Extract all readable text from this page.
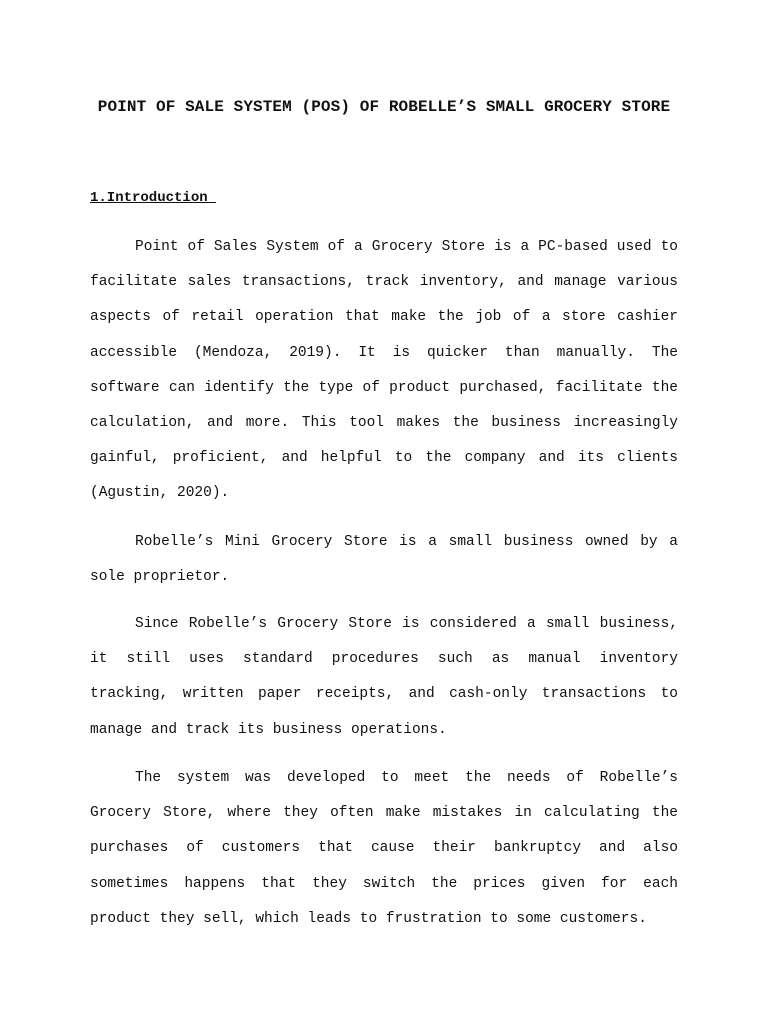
POINT OF SALE SYSTEM (POS) OF ROBELLE’S SMALL GROCERY STORE
1.Introduction

Point of Sales System of a Grocery Store is a PC-based used to facilitate sales transactions, track inventory, and manage various aspects of retail operation that make the job of a store cashier accessible (Mendoza, 2019). It is quicker than manually. The software can identify the type of product purchased, facilitate the calculation, and more. This tool makes the business increasingly gainful, proficient, and helpful to the company and its clients (Agustin, 2020).

Robelle’s Mini Grocery Store is a small business owned by a sole proprietor.

Since Robelle’s Grocery Store is considered a small business, it still uses standard procedures such as manual inventory tracking, written paper receipts, and cash-only transactions to manage and track its business operations.

The system was developed to meet the needs of Robelle’s Grocery Store, where they often make mistakes in calculating the purchases of customers that cause their bankruptcy and also sometimes happens that they switch the prices given for each product they sell, which leads to frustration to some customers.
